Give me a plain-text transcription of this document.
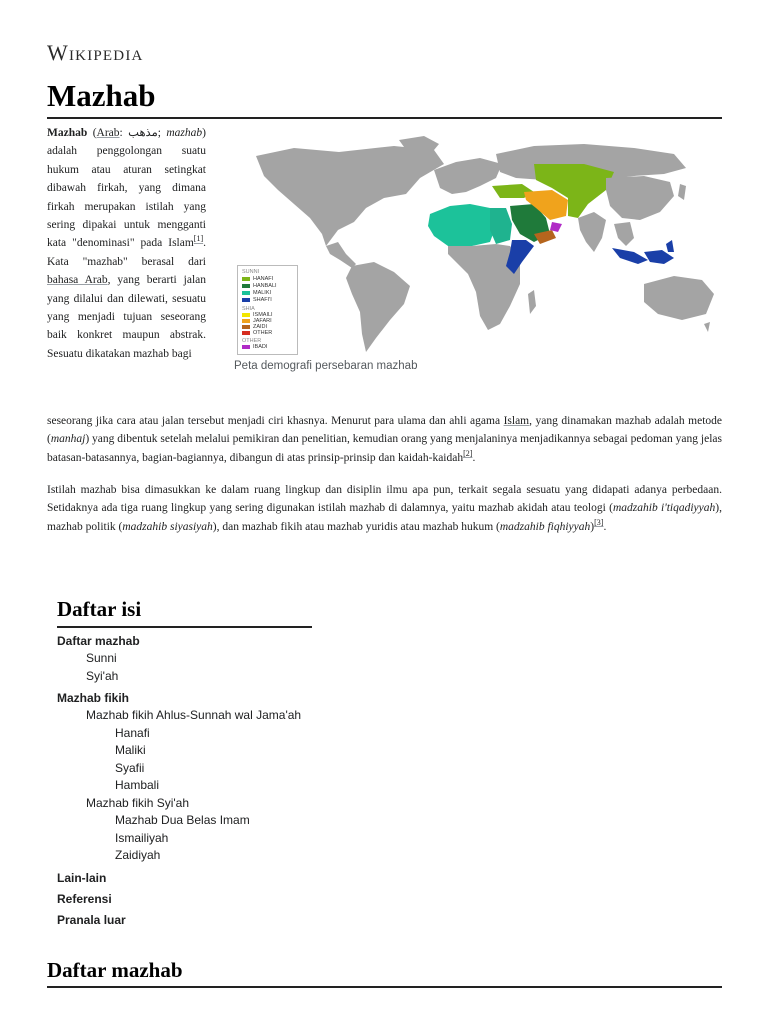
Wikipedia
Mazhab
Mazhab (Arab: مذهب; mazhab) adalah penggolongan suatu hukum atau aturan setingkat dibawah firkah, yang dimana firkah merupakan istilah yang sering dipakai untuk mengganti kata "denominasi" pada Islam[1]. Kata "mazhab" berasal dari bahasa Arab, yang berarti jalan yang dilalui dan dilewati, sesuatu yang menjadi tujuan seseorang baik konkret maupun abstrak. Sesuatu dikatakan mazhab bagi
SUNNI
HANAFI
HANBALI
MALIKI
SHAFI'I
SHIA
ISMAILI
JAFARI
ZAIDI
OTHER
OTHER
IBADI
Peta demografi persebaran mazhab
seseorang jika cara atau jalan tersebut menjadi ciri khasnya. Menurut para ulama dan ahli agama Islam, yang dinamakan mazhab adalah metode (manhaj) yang dibentuk setelah melalui pemikiran dan penelitian, kemudian orang yang menjalaninya menjadikannya sebagai pedoman yang jelas batasan-batasannya, bagian-bagiannya, dibangun di atas prinsip-prinsip dan kaidah-kaidah[2].
Istilah mazhab bisa dimasukkan ke dalam ruang lingkup dan disiplin ilmu apa pun, terkait segala sesuatu yang didapati adanya perbedaan. Setidaknya ada tiga ruang lingkup yang sering digunakan istilah mazhab di dalamnya, yaitu mazhab akidah atau teologi (madzahib i'tiqadiyyah), mazhab politik (madzahib siyasiyah), dan mazhab fikih atau mazhab yuridis atau mazhab hukum (madzahib fiqhiyyah)[3].
Daftar isi
Daftar mazhab
Sunni
Syi'ah
Mazhab fikih
Mazhab fikih Ahlus-Sunnah wal Jama'ah
Hanafi
Maliki
Syafii
Hambali
Mazhab fikih Syi'ah
Mazhab Dua Belas Imam
Ismailiyah
Zaidiyah
Lain-lain
Referensi
Pranala luar
Daftar mazhab
